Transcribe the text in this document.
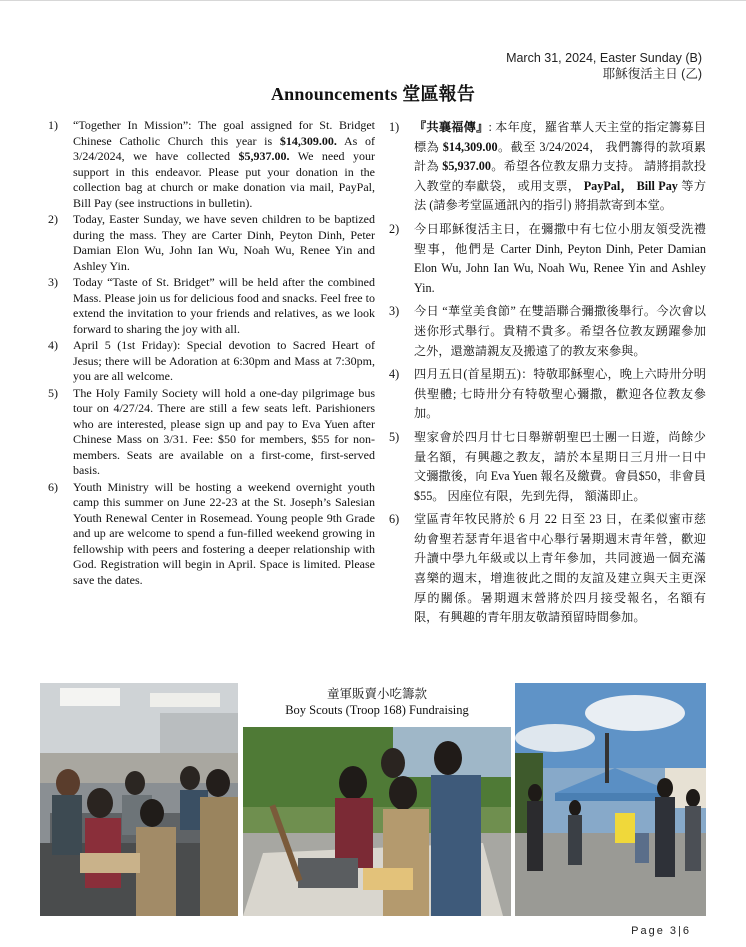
March 31, 2024, Easter Sunday (B)
耶穌復活主日 (乙)
Announcements 堂區報告
1) “Together In Mission”: The goal assigned for St. Bridget Chinese Catholic Church this year is $14,309.00. As of 3/24/2024, we have collected $5,937.00. We need your support in this endeavor. Please put your donation in the collection bag at church or make donation via mail, PayPal, Bill Pay (see instructions in bulletin).
2) Today, Easter Sunday, we have seven children to be baptized during the mass. They are Carter Dinh, Peyton Dinh, Peter Damian Elon Wu, John Ian Wu, Noah Wu, Renee Yin and Ashley Yin.
3) Today “Taste of St. Bridget” will be held after the combined Mass. Please join us for delicious food and snacks. Feel free to extend the invitation to your friends and relatives, as we look forward to sharing the joy with all.
4) April 5 (1st Friday): Special devotion to Sacred Heart of Jesus; there will be Adoration at 6:30pm and Mass at 7:30pm, you are all welcome.
5) The Holy Family Society will hold a one-day pilgrimage bus tour on 4/27/24. There are still a few seats left. Parishioners who are interested, please sign up and pay to Eva Yuen after Chinese Mass on 3/31. Fee: $50 for members, $55 for non-members. Seats are available on a first-come, first-served basis.
6) Youth Ministry will be hosting a weekend overnight youth camp this summer on June 22-23 at the St. Joseph’s Salesian Youth Renewal Center in Rosemead. Young people 9th Grade and up are welcome to spend a fun-filled weekend growing in fellowship with peers and fostering a deeper relationship with God. Registration will begin in April. Space is limited. Please save the dates.
1) 『共襄福傳』: 本年度，羅省華人天主堂的指定籌募目標為 $14,309.00。截至 3/24/2024， 我們籌得的款項累計為 $5,937.00。希望各位教友鼎力支持。 請將捐款投入教堂的奉獻袋， 或用支票， PayPal， Bill Pay 等方法 (請參考堂區通訊內的指引) 將捐款寄到本堂。
2) 今日耶穌復活主日，在彌撒中有七位小朋友領受洗禮聖事，他們是 Carter Dinh, Peyton Dinh, Peter Damian Elon Wu, John Ian Wu, Noah Wu, Renee Yin and Ashley Yin.
3) 今日 “華堂美食節” 在雙語聯合彌撒後舉行。今次會以迷你形式舉行。貴精不貴多。希望各位教友踴躍參加之外，還邀請親友及搬遠了的教友來參與。
4) 四月五日(首星期五)：特敬耶穌聖心，晚上六時卅分明供聖體; 七時卅分有特敬聖心彌撒，歡迎各位教友參加。
5) 聖家會於四月廿七日舉辦朝聖巴士團一日遊，尚餘少量名額，有興趣之教友，請於本星期日三月卅一日中文彌撒後，向 Eva Yuen 報名及繳費。會員$50，非會員$55。 因座位有限，先到先得， 額滿即止。
6) 堂區青年牧民將於 6 月 22 日至 23 日，在柔似蜜市慈幼會聖若瑟青年退省中心舉行暑期週末青年營，歡迎升讀中學九年級或以上青年參加，共同渡過一個充滿喜樂的週末，增進彼此之間的友誼及建立與天主更深厚的關係。暑期週末營將於四月接受報名，名額有限，有興趣的青年朋友敬請預留時間參加。
童軍販賣小吃籌款
Boy Scouts (Troop 168) Fundraising
Page 3|6
